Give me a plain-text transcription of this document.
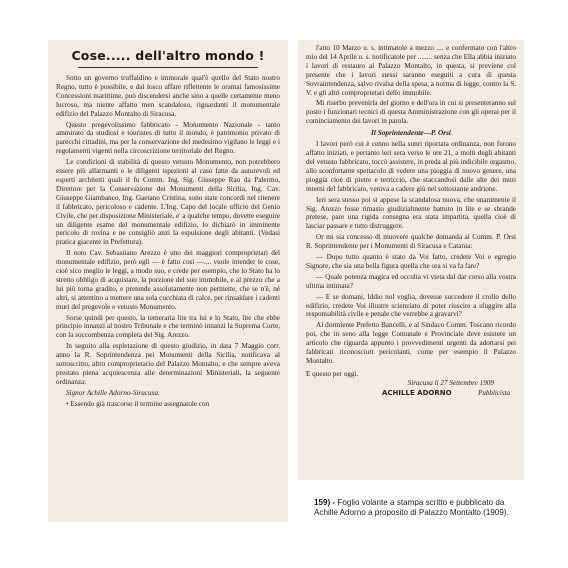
Cose..... dell'altro mondo !

Sotto un governo truffaldino e immorale qual'è quello del Stato nostro Regno, tutto è possibile, e dal losco affare riflettente le oramai famosissime Concessioni marittime, può discendersi anche sino a quelle certamente meno lucroso, ma niente affatto men scandaloso, riguardanti il monumentale edifizio del Palazzo Montalto di Siracusa.

Questo pregevolissimo fabbricato - Monumento Nazionale - tanto ammirato da studiosi e touristes di tutto il mondo, è patrimonio privato di parecchi cittadini, ma per la conservazione del medesimo vigilano le leggi e i regolamenti vigenti nella circoscrizione territoriale del Regno.

Le condizioni di stabilità di questo vetusto Monumento, non potrebbero essere più allarmanti e le diligenti ispezioni al caso fatte da autorevoli ed esperti architetti quali il fu Comm. Ing. Sig. Giuseppe Rao da Palermo, Direttore per la Conservazione dei Monumenti della Sicilia, Ing. Cav. Giuseppe Giambanco, Ing. Gaetano Cristina, sono state concordi nel ritenere il fabbricato, pericoloso e cadente. L'Ing. Capo del locale ufficio del Genio Civile, che per disposizione Ministeriale, e' a qualche tempo, dovette eseguire un diligente esame del monumentale edifizio, lo dichiarò in imminente pericolo di rovina e ne consigliò anzi la espulsione degli abitanti. (Vedasi pratica giacente in Prefettura).

Il noto Cav. Sebastiano Arezzo è uno dei maggiori comproprietari del monumentale edifizio, però egli — è fatto così —.... vuole intender le cose, cioè sìco meglio le leggi, a modo suo, e crede per esempio, che lo Stato ha lo stretto obbligo di acquistare, la porzione del suo immobile, e al prezzo che a lui più torna gradito, e pretende assolutamente non permette, che se n'è, nè altri, si attentino a mettere una sola cucchiata di calce, per rinsaldare i cadenti muri del pregevole e vetusto Monumento.

Sorse quindi per questo, la temeraria lite tra lui e lo Stato, lite che ebbe principio innanzi al nostro Tribunale e che terminò innanzi la Suprema Corte, con la soccombenza completa del Sig. Arezzo.

In seguito alla espletazione di questo giudizio, in data 7 Maggio corr. anno la R. Soprintendenza pei Monumenti della Sicilia, notificava al sottoscritto, altro comproprietario del Palazzo Montalto, e che sempre aveva prestato piena acquiescenza alle determinazioni Ministeriali, la seguente ordinanza:

Signor Achille Adorno-Siracusa.

• Essendo già trascorso il termine assegnatole con

l'atto 10 Marzo u. s. intimatole a mezzo .... e confermato con l'altro mio del 14 Aprile u. s. notificatole per ........ senza che Ella abbia iniziato i lavori di restauro al Palazzo Montalto, in questa, si previene col presente che i lavori stessi saranno eseguiti a cura di questa Sovraintendenza, salvo rivalsa della spesa, a norma di legge, contro la S. V. e gli altri comproprietari dello immobile.

Mi riserbo prevenirla del giorno e dell'ora in cui si presenteranno sul posto i funzionari tecnici di questa Amministrazione con gli operai per il cominciamento dei lavori in parola.

Il Soprintendente—P. Orsi

I lavori però cui è cenno nella sunri riportata ordinanza, non furono affatto iniziati, e pertanto ieri sera verso le ore 21, a molti degli abitanti del vetusto fabbricato, toccò assistere, in preda al più indicibile orgasmo, allo sconfortante spettacolo di vedere una pioggia di nuovo genere, una pioggia cioè di pietre e terriccio, che staccandosi dalle alte dei muri interni del fabbricato, veniva a cadere giù nel sottostante andrione.

Ieri sera stesso poi si appese la scandalosa nuova, che unanimente il Sig. Arezzo fosse rimasto giudizialmente battuto in lite e se sbrande pretese, pare una rigida consegna era stata impartita, quella cioè di lasciar passare e tutto distruggere.

Or mi sia concesso di muovere qualche domanda al Comm. P. Orsi R. Soprintendente per i Monumenti di Siracusa e Catania:

— Dopo tutto quanto è stato da Voi fatto, credete Voi e egregio Signore, che sia una bella figura quella che ora si va fa fare?

— Quale potenza magica ed occulta vi vieta dal dar corso alla vostra ultima intimata?

— E se domani, Iddio nol voglia, dovesse succedere il crollo dello edifizio, credete Voi illustre scienziato di poter riuscire a sfuggire alla responsabilità civile e penale che verrebbe a gravarvi?

Al dormiente Prefetto Bancelli, e al Sindaco Comm. Toscano ricordo poi, che in seno alla legge Comunale e Provinciale deve esistere un articolo che riguarda appunto i provvedimenti urgenti da adottarsi pei fabbricati riconosciuti pericolanti, come per esempio il Palazzo Montalto.

E questo per oggi.

Siracusa li 27 Settembre 1909
ACHILLE ADORNO	Pubblicista
159) - Foglio volante a stampa scritto e pubblicato da Achille Adorno a proposito di Palazzo Montalto (1909).
